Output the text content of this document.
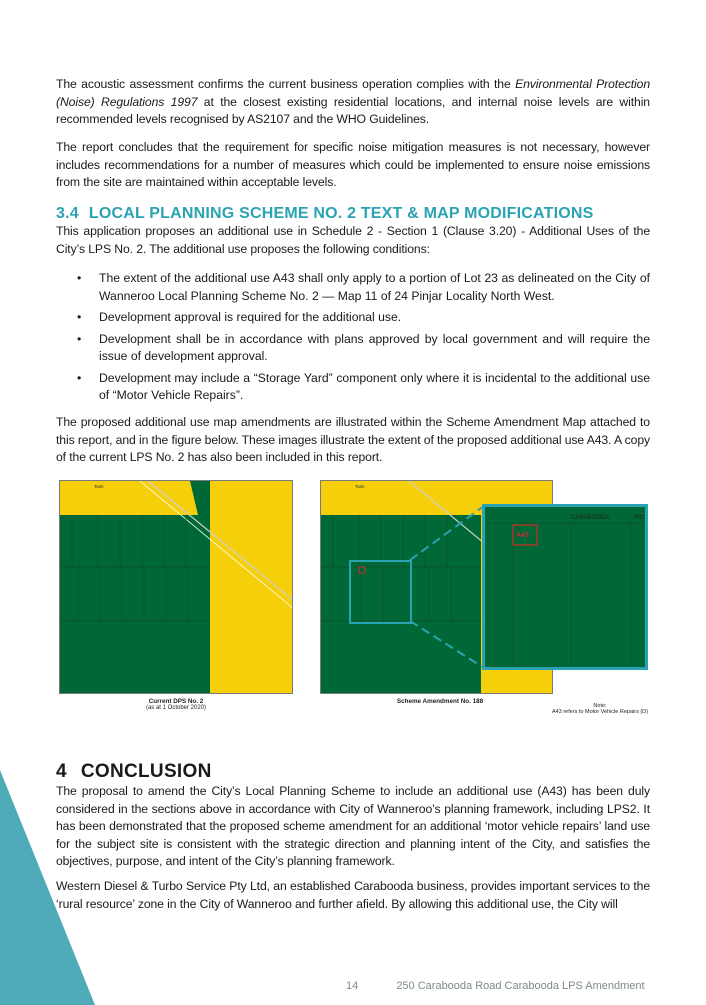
The acoustic assessment confirms the current business operation complies with the Environmental Protection (Noise) Regulations 1997 at the closest existing residential locations, and internal noise levels are within recommended levels recognised by AS2107 and the WHO Guidelines.

The report concludes that the requirement for specific noise mitigation measures is not necessary, however includes recommendations for a number of measures which could be implemented to ensure noise emissions from the site are maintained within acceptable levels.

3.4 LOCAL PLANNING SCHEME NO. 2 TEXT & MAP MODIFICATIONS

This application proposes an additional use in Schedule 2 - Section 1 (Clause 3.20) - Additional Uses of the City’s LPS No. 2. The additional use proposes the following conditions:

• The extent of the additional use A43 shall only apply to a portion of Lot 23 as delineated on the City of Wanneroo Local Planning Scheme No. 2 — Map 11 of 24 Pinjar Locality North West.
• Development approval is required for the additional use.
• Development shall be in accordance with plans approved by local government and will require the issue of development approval.
• Development may include a “Storage Yard” component only where it is incidental to the additional use of “Motor Vehicle Repairs”.

The proposed additional use map amendments are illustrated within the Scheme Amendment Map attached to this report, and in the figure below. These images illustrate the extent of the proposed additional use A43. A copy of the current LPS No. 2 has also been included in this report.

Tank
Current DPS No. 2
(as at 1 October 2020)
Tank
A43
CARABOODA	RO
Scheme Amendment No. 188
Note:
A43 refers to Motor Vehicle Repairs (D)
4 CONCLUSION

The proposal to amend the City’s Local Planning Scheme to include an additional use (A43) has been duly considered in the sections above in accordance with City of Wanneroo’s planning framework, including LPS2. It has been demonstrated that the proposed scheme amendment for an additional ‘motor vehicle repairs’ land use for the subject site is consistent with the strategic direction and planning intent of the City, and satisfies the objectives, purpose, and intent of the City’s planning framework.

Western Diesel & Turbo Service Pty Ltd, an established Carabooda business, provides important services to the ‘rural resource’ zone in the City of Wanneroo and further afield. By allowing this additional use, the City will

14	250 Carabooda Road Carabooda LPS Amendment
